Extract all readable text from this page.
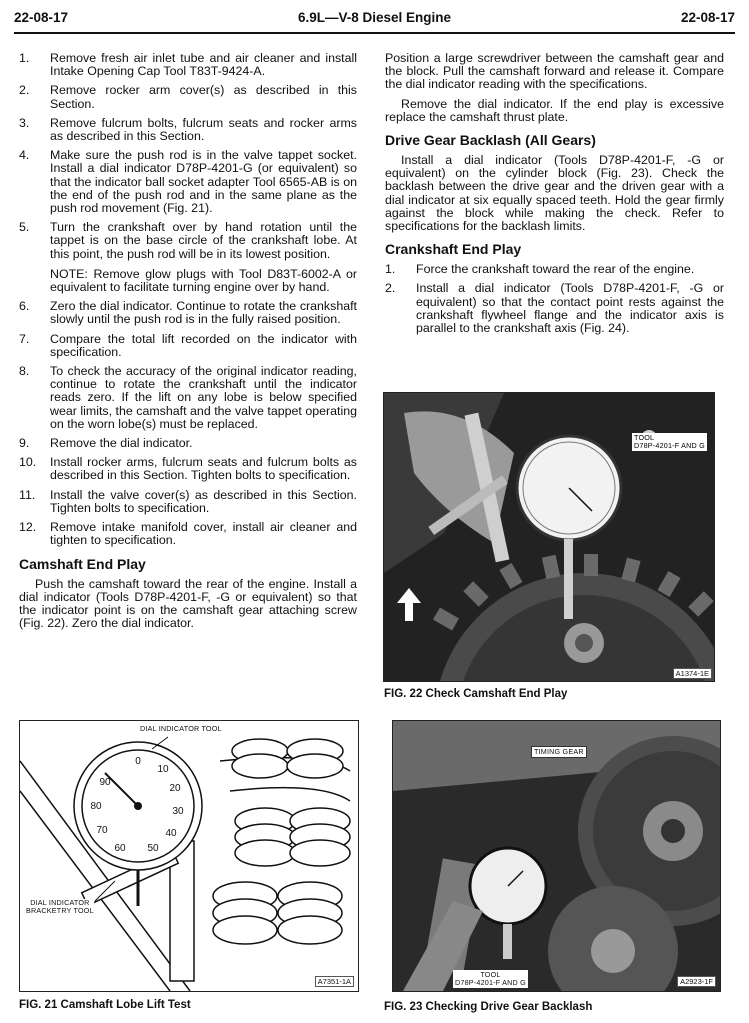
22-08-17	6.9L—V-8 Diesel Engine	22-08-17
1. Remove fresh air inlet tube and air cleaner and install Intake Opening Cap Tool T83T-9424-A.
2. Remove rocker arm cover(s) as described in this Section.
3. Remove fulcrum bolts, fulcrum seats and rocker arms as described in this Section.
4. Make sure the push rod is in the valve tappet socket. Install a dial indicator D78P-4201-G (or equivalent) so that the indicator ball socket adapter Tool 6565-AB is on the end of the push rod and in the same plane as the push rod movement (Fig. 21).
5. Turn the crankshaft over by hand rotation until the tappet is on the base circle of the crankshaft lobe. At this point, the push rod will be in its lowest position.
NOTE: Remove glow plugs with Tool D83T-6002-A or equivalent to facilitate turning engine over by hand.
6. Zero the dial indicator. Continue to rotate the crankshaft slowly until the push rod is in the fully raised position.
7. Compare the total lift recorded on the indicator with specification.
8. To check the accuracy of the original indicator reading, continue to rotate the crankshaft until the indicator reads zero. If the lift on any lobe is below specified wear limits, the camshaft and the valve tappet operating on the worn lobe(s) must be replaced.
9. Remove the dial indicator.
10. Install rocker arms, fulcrum seats and fulcrum bolts as described in this Section. Tighten bolts to specification.
11. Install the valve cover(s) as described in this Section. Tighten bolts to specification.
12. Remove intake manifold cover, install air cleaner and tighten to specification.
Camshaft End Play

Push the camshaft toward the rear of the engine. Install a dial indicator (Tools D78P-4201-F, -G or equivalent) so that the indicator point is on the camshaft gear attaching screw (Fig. 22). Zero the dial indicator.

Position a large screwdriver between the camshaft gear and the block. Pull the camshaft forward and release it. Compare the dial indicator reading with the specifications.

Remove the dial indicator. If the end play is excessive replace the camshaft thrust plate.

Drive Gear Backlash (All Gears)

Install a dial indicator (Tools D78P-4201-F, -G or equivalent) on the cylinder block (Fig. 23). Check the backlash between the drive gear and the driven gear with a dial indicator at six equally spaced teeth. Hold the gear firmly against the block while making the check. Refer to specifications for the backlash limits.

Crankshaft End Play
1. Force the crankshaft toward the rear of the engine.
2. Install a dial indicator (Tools D78P-4201-F, -G or equivalent) so that the contact point rests against the crankshaft flywheel flange and the indicator axis is parallel to the crankshaft axis (Fig. 24).
TOOL
D78P-4201-F AND G
A1374-1E
FIG. 22 Check Camshaft End Play
0
10
20
30
40
50
60
70
80
90
DIAL INDICATOR TOOL
DIAL INDICATOR
BRACKETRY TOOL
A7351-1A
FIG. 21 Camshaft Lobe Lift Test
TIMING GEAR
TOOL
D78P-4201-F AND G	A2923-1F
FIG. 23 Checking Drive Gear Backlash
